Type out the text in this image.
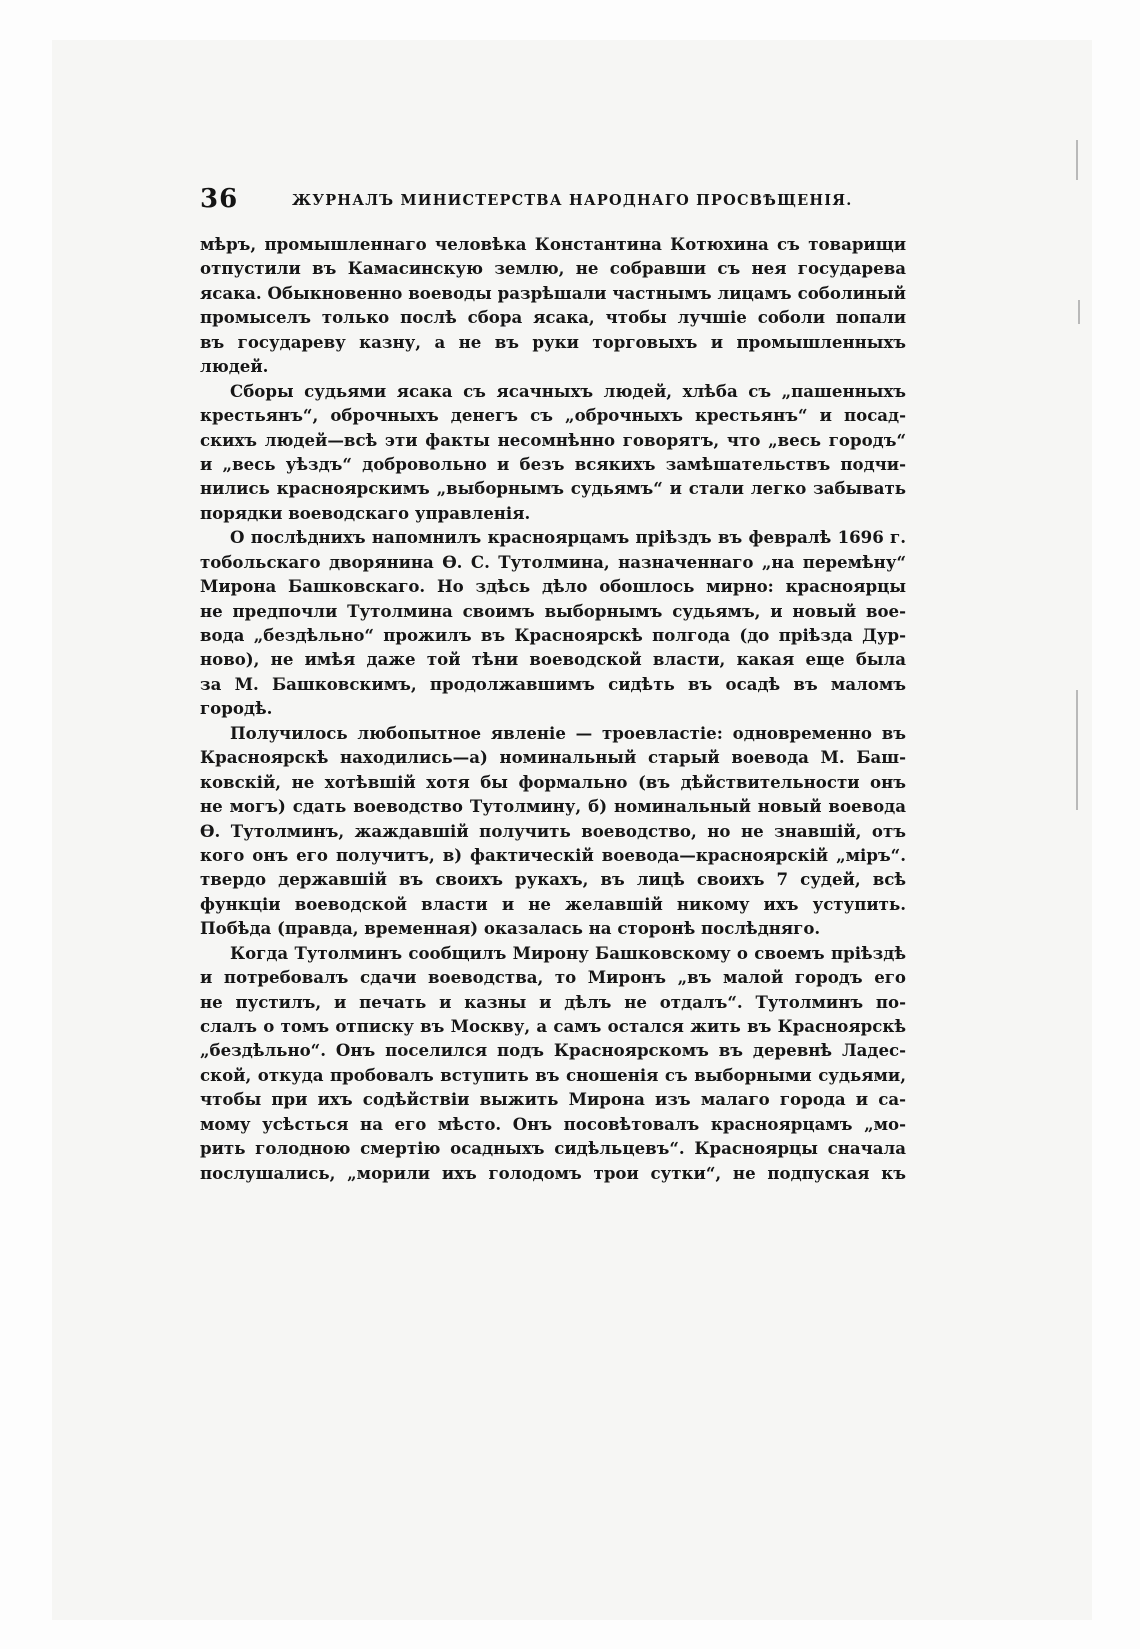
36	ЖУРНАЛЪ МИНИСТЕРСТВА НАРОДНАГО ПРОСВѢЩЕНІЯ.
мѣръ, промышленнаго человѣка Константина Котюхина съ товарищи
отпустили въ Камасинскую землю, не собравши съ нея государева
ясака. Обыкновенно воеводы разрѣшали частнымъ лицамъ соболиный
промыселъ только послѣ сбора ясака, чтобы лучшіе соболи попали
въ государеву казну, а не въ руки торговыхъ и промышленныхъ
людей.
Сборы судьями ясака съ ясачныхъ людей, хлѣба съ „пашенныхъ
крестьянъ“, оброчныхъ денегъ съ „оброчныхъ крестьянъ“ и посад-
скихъ людей—всѣ эти факты несомнѣнно говорятъ, что „весь городъ“
и „весь уѣздъ“ добровольно и безъ всякихъ замѣшательствъ подчи-
нились красноярскимъ „выборнымъ судьямъ“ и стали легко забывать
порядки воеводскаго управленія.
О послѣднихъ напомнилъ красноярцамъ пріѣздъ въ февралѣ 1696 г.
тобольскаго дворянина Ѳ. С. Тутолмина, назначеннаго „на перемѣну“
Мирона Башковскаго. Но здѣсь дѣло обошлось мирно: красноярцы
не предпочли Тутолмина своимъ выборнымъ судьямъ, и новый вое-
вода „бездѣльно“ прожилъ въ Красноярскѣ полгода (до пріѣзда Дур-
ново), не имѣя даже той тѣни воеводской власти, какая еще была
за М. Башковскимъ, продолжавшимъ сидѣть въ осадѣ въ маломъ
городѣ.
Получилось любопытное явленіе — троевластіе: одновременно въ
Красноярскѣ находились—а) номинальный старый воевода М. Баш-
ковскій, не хотѣвшій хотя бы формально (въ дѣйствительности онъ
не могъ) сдать воеводство Тутолмину, б) номинальный новый воевода
Ѳ. Тутолминъ, жаждавшій получить воеводство, но не знавшій, отъ
кого онъ его получитъ, в) фактическій воевода—красноярскій „міръ“.
твердо державшій въ своихъ рукахъ, въ лицѣ своихъ 7 судей, всѣ
функціи воеводской власти и не желавшій никому ихъ уступить.
Побѣда (правда, временная) оказалась на сторонѣ послѣдняго.
Когда Тутолминъ сообщилъ Мирону Башковскому о своемъ пріѣздѣ
и потребовалъ сдачи воеводства, то Миронъ „въ малой городъ его
не пустилъ, и печать и казны и дѣлъ не отдалъ“. Тутолминъ по-
слалъ о томъ отписку въ Москву, а самъ остался жить въ Красноярскѣ
„бездѣльно“. Онъ поселился подъ Красноярскомъ въ деревнѣ Ладес-
ской, откуда пробовалъ вступить въ сношенія съ выборными судьями,
чтобы при ихъ содѣйствіи выжить Мирона изъ малаго города и са-
мому усѣсться на его мѣсто. Онъ посовѣтовалъ красноярцамъ „мо-
рить голодною смертію осадныхъ сидѣльцевъ“. Красноярцы сначала
послушались, „морили ихъ голодомъ трои сутки“, не подпуская къ
